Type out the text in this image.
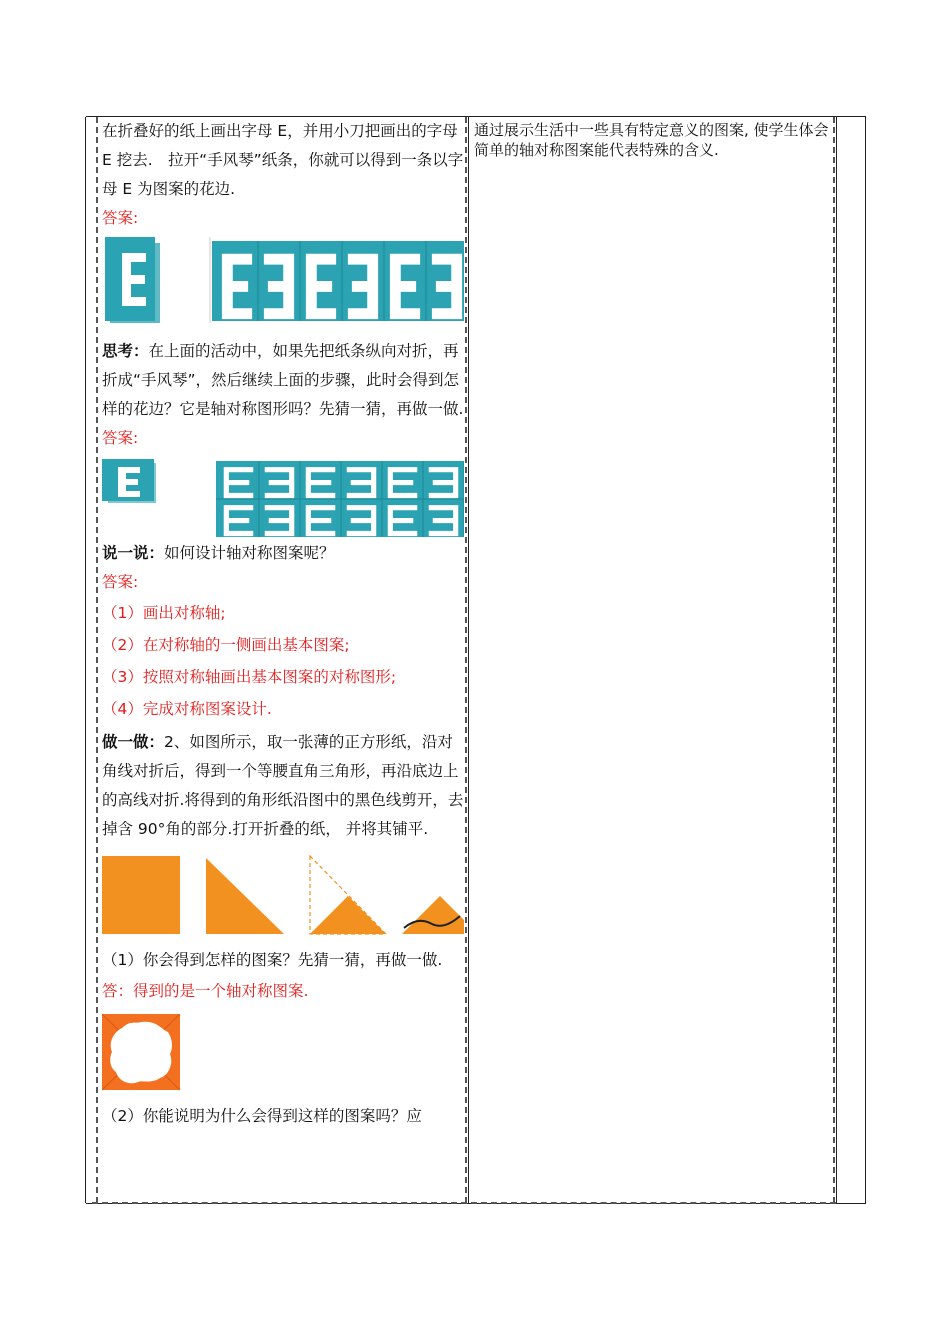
在折叠好的纸上画出字母 E，并用小刀把画出的字母 E 挖去.　拉开“手风琴”纸条，你就可以得到一条以字母 E 为图案的花边.

答案:

思考：在上面的活动中，如果先把纸条纵向对折，再折成“手风琴”，然后继续上面的步骤，此时会得到怎样的花边？它是轴对称图形吗？先猜一猜，再做一做.

答案:

说一说：如何设计轴对称图案呢？

答案:

（1）画出对称轴;

（2）在对称轴的一侧画出基本图案;

（3）按照对称轴画出基本图案的对称图形;

（4）完成对称图案设计.

做一做：2、如图所示，取一张薄的正方形纸，沿对角线对折后，得到一个等腰直角三角形，再沿底边上的高线对折.将得到的角形纸沿图中的黑色线剪开，去掉含 90°角的部分.打开折叠的纸， 并将其铺平.

（1）你会得到怎样的图案？先猜一猜，再做一做.

答：得到的是一个轴对称图案.

（2）你能说明为什么会得到这样的图案吗？应

通过展示生活中一些具有特定意义的图案, 使学生体会简单的轴对称图案能代表特殊的含义.
